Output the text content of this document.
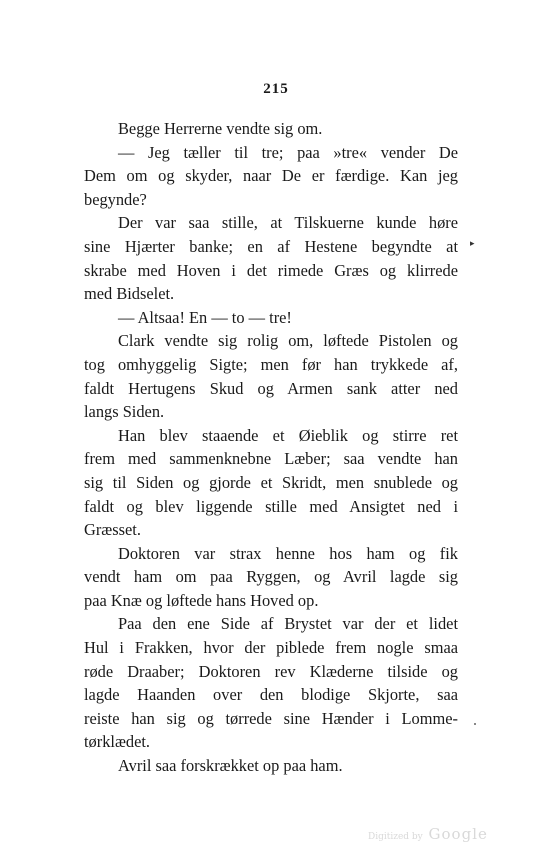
215
Begge Herrerne vendte sig om.
— Jeg tæller til tre; paa »tre« vender De
Dem om og skyder, naar De er færdige. Kan jeg
begynde?
Der var saa stille, at Tilskuerne kunde høre
sine Hjærter banke; en af Hestene begyndte at
skrabe med Hoven i det rimede Græs og klirrede
med Bidselet.
— Altsaa! En — to — tre!
Clark vendte sig rolig om, løftede Pistolen og
tog omhyggelig Sigte; men før han trykkede af,
faldt Hertugens Skud og Armen sank atter ned
langs Siden.
Han blev staaende et Øieblik og stirre ret
frem med sammenknebne Læber; saa vendte han
sig til Siden og gjorde et Skridt, men snublede og
faldt og blev liggende stille med Ansigtet ned i
Græsset.
Doktoren var strax henne hos ham og fik
vendt ham om paa Ryggen, og Avril lagde sig
paa Knæ og løftede hans Hoved op.
Paa den ene Side af Brystet var der et lidet
Hul i Frakken, hvor der piblede frem nogle smaa
røde Draaber; Doktoren rev Klæderne tilside og
lagde Haanden over den blodige Skjorte, saa
reiste han sig og tørrede sine Hænder i Lomme-
tørklædet.
Avril saa forskrækket op paa ham.
▸
Digitized by Google
